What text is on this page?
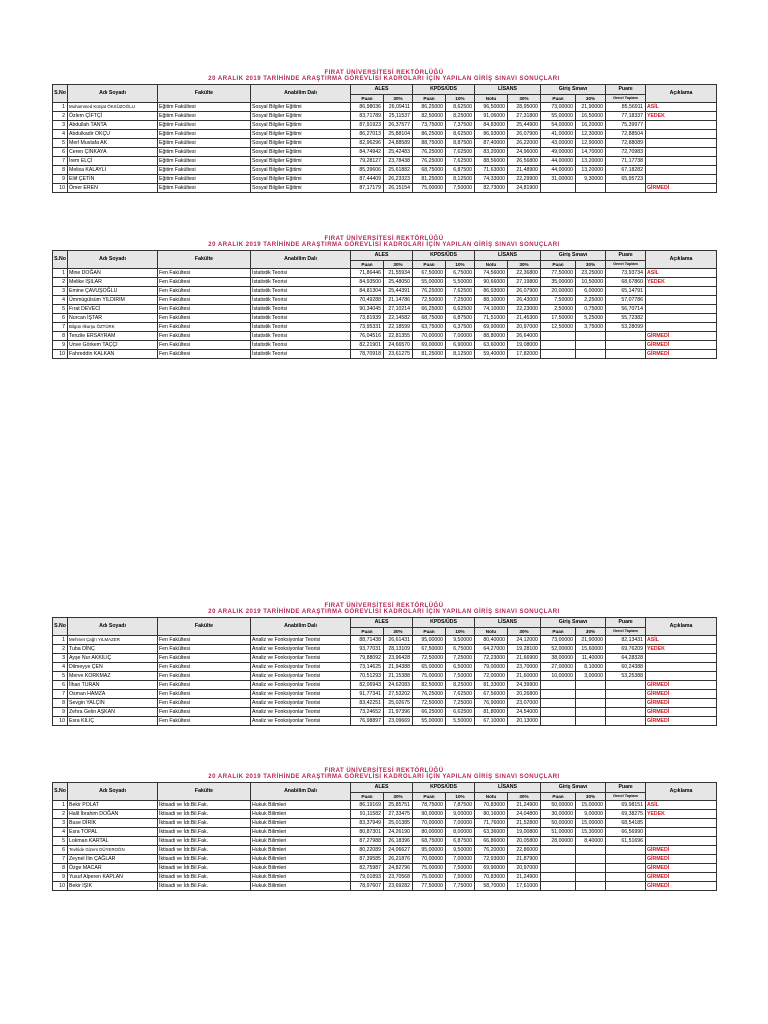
FIRAT ÜNİVERSİTESİ REKTÖRLÜĞÜ
20 ARALIK 2019 TARİHİNDE ARAŞTIRMA GÖREVLİSİ KADROLARI İÇİN YAPILAN GİRİŞ SINAVI SONUÇLARI
S.No	Adı Soyadı	Fakülte	Anabilim Dalı	ALES		KPDS/ÜDS		LİSANS		Giriş Sınavı		Puanı	Açıklama
				Puan	30%	Puan	10%	Notu	30%	Puan	30%	Genel Toplam	
1	Muhammed Kürşat ÖKSÜZOĞLU	Eğitim Fakültesi	Sosyal Bilgiler Eğitimi	86,98036	26,09411	86,25000	8,62500	96,50000	28,95000	73,00000	21,90000	85,56911	ASİL
2	Özlem ÇİFTÇİ	Eğitim Fakültesi	Sosyal Bilgiler Eğitimi	83,71789	25,11537	82,50000	8,25000	91,06000	27,31800	55,00000	16,50000	77,18337	YEDEK
3	Abdullah TANTA	Eğitim Fakültesi	Sosyal Bilgiler Eğitimi	87,91923	26,37577	73,75000	7,37500	84,83000	25,44900	54,00000	16,20000	75,39977	
4	Abdulkadir OKÇU	Eğitim Fakültesi	Sosyal Bilgiler Eğitimi	86,27013	25,88104	86,25000	8,62500	86,93000	26,07900	41,00000	12,30000	72,88504	
5	Merl Mustafa AK	Eğitim Fakültesi	Sosyal Bilgiler Eğitimi	82,96296	24,88589	88,75000	8,87500	87,40000	26,22000	43,00000	12,90000	72,88089	
6	Ceren ÇİNKAYA	Eğitim Fakültesi	Sosyal Bilgiler Eğitimi	84,74942	25,42483	76,25000	7,62500	83,20000	24,96000	49,00000	14,70000	72,70983	
7	İrem ELÇİ	Eğitim Fakültesi	Sosyal Bilgiler Eğitimi	79,28127	23,78438	76,25000	7,62500	88,56000	26,56800	44,00000	13,20000	71,17738	
8	Melisa KALAYLI	Eğitim Fakültesi	Sosyal Bilgiler Eğitimi	85,39606	25,61882	68,75000	6,87500	71,63000	21,48900	44,00000	13,20000	67,18282	
9	Eliif ÇETİN	Eğitim Fakültesi	Sosyal Bilgiler Eğitimi	87,44409	26,23323	81,25000	8,12500	74,33000	22,29900	31,00000	9,30000	65,95723	
10	Ömer EREN	Eğitim Fakültesi	Sosyal Bilgiler Eğitimi	87,17179	26,15154	75,00000	7,50000	82,73000	24,81900				GİRMEDİ
FIRAT ÜNİVERSİTESİ REKTÖRLÜĞÜ
20 ARALIK 2019 TARİHİNDE ARAŞTIRMA GÖREVLİSİ KADROLARI İÇİN YAPILAN GİRİŞ SINAVI SONUÇLARI
S.No	Adı Soyadı	Fakülte	Anabilim Dalı	ALES		KPDS/ÜDS		LİSANS		Giriş Sınavı		Puanı	Açıklama
				Puan	30%	Puan	10%	Notu	30%	Puan	30%	Genel Toplam	
1	Mine DOĞAN	Fen Fakültesi	İstatistik Teorisi	71,86446	21,55934	67,50000	6,75000	74,56000	22,36800	77,50000	23,25000	73,93734	ASİL
2	Melike IŞILAR	Fen Fakültesi	İstatistik Teorisi	84,93500	25,48050	55,00000	5,50000	90,66000	27,19800	35,00000	10,50000	68,67860	YEDEK
3	Emine ÇAVUŞOĞLU	Fen Fakültesi	İstatistik Teorisi	84,81304	25,44391	76,25000	7,62500	86,93000	26,07900	20,00000	6,00000	65,14791	
4	Ümmügülsüm YILDIRIM	Fen Fakültesi	İstatistik Teorisi	70,49288	21,14786	72,50000	7,25000	88,10000	26,43000	7,50000	2,25000	57,07786	
5	Fırat DEVECİ	Fen Fakültesi	İstatistik Teorisi	90,34045	27,10214	66,25000	6,62500	74,10000	22,23000	2,50000	0,75000	56,70714	
6	Nurcan İŞTAR	Fen Fakültesi	İstatistik Teorisi	73,81939	22,14582	68,75000	6,87500	71,51000	21,45300	17,50000	5,25000	55,72382	
7	Bilgün Ilkurşu ÖZTÜRK	Fen Fakültesi	İstatistik Teorisi	73,95331	22,18599	63,75000	6,37500	69,90000	20,97000	12,50000	3,75000	53,28099	
8	Tenzile ERSAYRAM	Fen Fakültesi	İstatistik Teorisi	76,04516	22,81355	70,00000	7,00000	88,80000	26,64000				GİRMEDİ
9	Unve Görkem TAÇÇI	Fen Fakültesi	İstatistik Teorisi	82,21901	24,66570	69,00000	6,90000	63,60000	19,08000				GİRMEDİ
10	Fahreddin KALKAN	Fen Fakültesi	İstatistik Teorisi	78,70918	23,61275	81,25000	8,12500	59,40000	17,82000				GİRMEDİ
FIRAT ÜNİVERSİTESİ REKTÖRLÜĞÜ
20 ARALIK 2019 TARİHİNDE ARAŞTIRMA GÖREVLİSİ KADROLARI İÇİN YAPILAN GİRİŞ SINAVI SONUÇLARI
S.No	Adı Soyadı	Fakülte	Anabilim Dalı	ALES		KPDS/ÜDS		LİSANS		Giriş Sınavı		Puanı	Açıklama
				Puan	30%	Puan	10%	Notu	30%	Puan	30%	Genel Toplam	
1	Mehmet Çağrı YILMAZER	Fen Fakültesi	Analiz ve Fonksiyonlar Teorisi	88,71438	26,61431	95,00000	9,50000	80,40000	24,12000	73,00000	21,90000	82,13431	ASİL
2	Tuba DİNÇ	Fen Fakültesi	Analiz ve Fonksiyonlar Teorisi	93,77031	28,13109	67,50000	6,75000	64,27000	19,28100	52,00000	15,60000	69,76209	YEDEK
3	Ayşe Nur AKKILIÇ	Fen Fakültesi	Analiz ve Fonksiyonlar Teorisi	79,88092	23,96428	72,50000	7,25000	72,23000	21,66900	38,00000	11,40000	64,28328	
4	Dilmeyye ÇEN	Fen Fakültesi	Analiz ve Fonksiyonlar Teorisi	73,14625	21,94388	65,00000	6,50000	79,00000	23,70000	27,00000	8,10000	60,24388	
5	Merve KORKMAZ	Fen Fakültesi	Analiz ve Fonksiyonlar Teorisi	70,51293	21,15388	75,00000	7,50000	72,00000	21,60000	10,00000	3,00000	53,25388	
6	İlhan TURAN	Fen Fakültesi	Analiz ve Fonksiyonlar Teorisi	82,06943	24,62083	82,50000	8,25000	81,33000	24,39900				GİRMEDİ
7	Osman HAMZA	Fen Fakültesi	Analiz ve Fonksiyonlar Teorisi	91,77341	27,53202	76,25000	7,62500	67,56000	20,26800				GİRMEDİ
8	Sevgin YALÇIN	Fen Fakültesi	Analiz ve Fonksiyonlar Teorisi	83,42251	25,02675	72,50000	7,25000	76,90000	23,07000				GİRMEDİ
9	Zehra Gelin AŞKAN	Fen Fakültesi	Analiz ve Fonksiyonlar Teorisi	73,24652	21,97396	66,25000	6,62500	81,80000	24,54000				GİRMEDİ
10	Esra KILIÇ	Fen Fakültesi	Analiz ve Fonksiyonlar Teorisi	76,98897	23,09669	55,00000	5,50000	67,10000	20,13000				GİRMEDİ
FIRAT ÜNİVERSİTESİ REKTÖRLÜĞÜ
20 ARALIK 2019 TARİHİNDE ARAŞTIRMA GÖREVLİSİ KADROLARI İÇİN YAPILAN GİRİŞ SINAVI SONUÇLARI
S.No	Adı Soyadı	Fakülte	Anabilim Dalı	ALES		KPDS/ÜDS		LİSANS		Giriş Sınavı		Puanı	Açıklama
				Puan	30%	Puan	10%	Notu	30%	Puan	30%	Genel Toplam	
1	Bekir POLAT	İktisadi ve İdr.Bil.Fak.	Hukuk Bilimleri	86,19169	25,85751	78,75000	7,87500	70,83000	21,24900	50,00000	15,00000	69,98151	ASİL
2	Halil İbrahim DOĞAN	İktisadi ve İdr.Bil.Fak.	Hukuk Bilimleri	91,11582	27,33475	90,00000	9,00000	80,16000	24,04800	30,00000	9,00000	69,38275	YEDEK
3	Buse DİRİK	İktisadi ve İdr.Bil.Fak.	Hukuk Bilimleri	83,37949	25,01385	70,00000	7,00000	71,76000	21,52800	50,00000	15,00000	68,54185	
4	Esra TOPAL	İktisadi ve İdr.Bil.Fak.	Hukuk Bilimleri	80,87301	24,26190	80,00000	8,00000	63,36000	19,00800	51,00000	15,30000	66,56990	
5	Lokman KARTAL	İktisadi ve İdr.Bil.Fak.	Hukuk Bilimleri	87,27988	26,18396	68,75000	6,87500	66,86000	20,05800	28,00000	8,40000	61,51696	
6	Tevhide Gizem DÜYEROĞN	İktisadi ve İdr.Bil.Fak.	Hukuk Bilimleri	80,22089	24,06627	95,00000	9,50000	76,20000	22,86000				GİRMEDİ
7	Zeynel İlin ÇAĞLAR	İktisadi ve İdr.Bil.Fak.	Hukuk Bilimleri	87,39585	26,21876	70,00000	7,00000	72,93000	21,87900				GİRMEDİ
8	Özge MACAR	İktisadi ve İdr.Bil.Fak.	Hukuk Bilimleri	82,75987	24,82796	75,00000	7,50000	69,90000	20,97000				GİRMEDİ
9	Yusuf Alperen KAPLAN	İktisadi ve İdr.Bil.Fak.	Hukuk Bilimleri	79,01893	23,70568	75,00000	7,50000	70,83000	21,24900				GİRMEDİ
10	Bekir IŞIK	İktisadi ve İdr.Bil.Fak.	Hukuk Bilimleri	78,97607	23,69282	77,50000	7,75000	58,70000	17,61000				GİRMEDİ
